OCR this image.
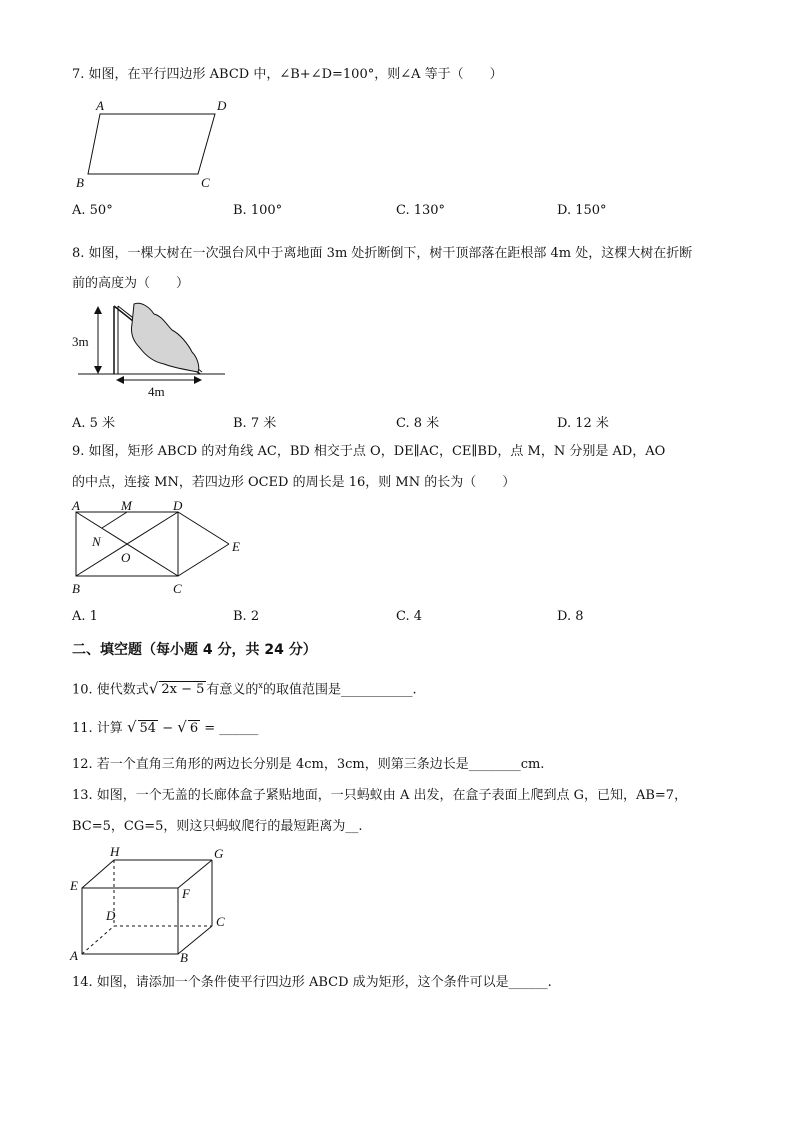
7. 如图，在平行四边形 ABCD 中，∠B+∠D=100°，则∠A 等于（　　）
A	D
B	C
A. 50°	B. 100°	C. 130°	D. 150°
8. 如图，一棵大树在一次强台风中于离地面 3m 处折断倒下，树干顶部落在距根部 4m 处，这棵大树在折断
前的高度为（　　）
3m
4m
A. 5 米	B. 7 米	C. 8 米	D. 12 米
9. 如图，矩形 ABCD 的对角线 AC，BD 相交于点 O，DE∥AC，CE∥BD，点 M，N 分别是 AD，AO
的中点，连接 MN，若四边形 OCED 的周长是 16，则 MN 的长为（　　）
A	M	D
N
O
E
B	C
A. 1	B. 2	C. 4	D. 8
二、填空题（每小题 4 分，共 24 分）
10. 使代数式√ 2x − 5 有意义的$^x$的取值范围是___________.
11. 计算 √ 54 − √ 6 = ______
12. 若一个直角三角形的两边长分别是 4cm，3cm，则第三条边长是________cm.
13. 如图，一个无盖的长廊体盒子紧贴地面，一只蚂蚁由 A 出发，在盒子表面上爬到点 G，已知，AB=7，
BC=5，CG=5，则这只蚂蚁爬行的最短距离为__.
H	G
E
F
D	C
A	B
14. 如图，请添加一个条件使平行四边形 ABCD 成为矩形，这个条件可以是______.
